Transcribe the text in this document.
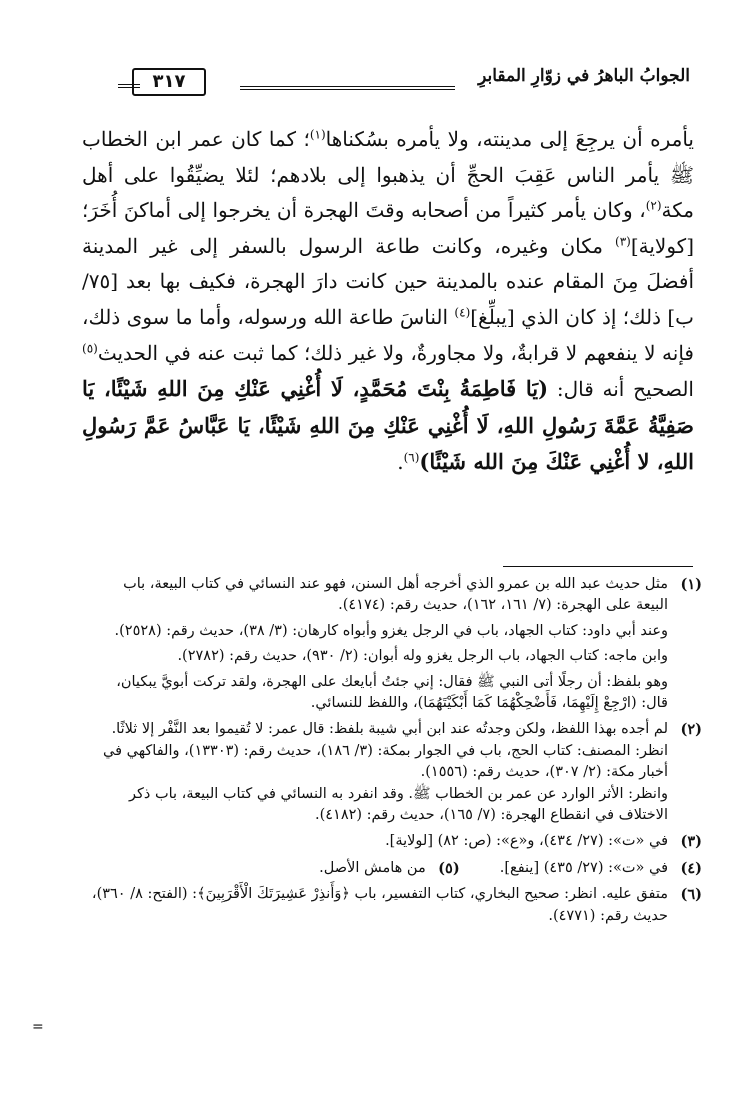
الجوابُ الباهرُ في زوّارِ المقابرِ
٣١٧

يأمره أن يرجِعَ إلى مدينته، ولا يأمره بسُكناها$^{(١)}$؛ كما كان عمر ابن الخطاب ﷺ يأمر الناس عَقِبَ الحجِّ أن يذهبوا إلى بلادهم؛ لئلا يضيِّقُوا على أهل مكة$^{(٢)}$، وكان يأمر كثيراً من أصحابه وقتَ الهجرة أن يخرجوا إلى أماكنَ أُخَرَ؛ [كولاية]$^{(٣)}$ مكان وغيره، وكانت طاعة الرسول بالسفر إلى غير المدينة أفضلَ مِنَ المقام عنده بالمدينة حين كانت دارَ الهجرة، فكيف بها بعد [٧٥/ب] ذلك؛ إذ كان الذي [يبلِّغ]$^{(٤)}$ الناسَ طاعة الله ورسوله، وأما ما سوى ذلك، فإنه لا ينفعهم لا قرابةٌ، ولا مجاورةٌ، ولا غير ذلك؛ كما ثبت عنه في الحديث$^{(٥)}$ الصحيح أنه قال: (يَا فَاطِمَةُ بِنْتَ مُحَمَّدٍ، لَا أُغْنِي عَنْكِ مِنَ اللهِ شَيْئًا، يَا صَفِيَّةُ عَمَّةَ رَسُولِ اللهِ، لَا أُغْنِي عَنْكِ مِنَ اللهِ شَيْئًا، يَا عَبَّاسُ عَمَّ رَسُولِ اللهِ، لا أُغْنِي عَنْكَ مِنَ الله شَيْئًا)$^{(٦)}$.

(١)

مثل حديث عبد الله بن عمرو الذي أخرجه أهل السنن، فهو عند النسائي في كتاب البيعة، باب البيعة على الهجرة: (٧/ ١٦١، ١٦٢)، حديث رقم: (٤١٧٤).

وعند أبي داود: كتاب الجهاد، باب في الرجل يغزو وأبواه كارهان: (٣/ ٣٨)، حديث رقم: (٢٥٢٨).

وابن ماجه: كتاب الجهاد، باب الرجل يغزو وله أبوان: (٢/ ٩٣٠)، حديث رقم: (٢٧٨٢).

وهو بلفظ: أن رجلًا أتى النبي ﷺ فقال: إني جئتُ أبايعك على الهجرة، ولقد تركت أبويَّ يبكيان، قال: (ارْجِعْ إِلَيْهِمَا، فَأَضْحِكْهُمَا كَمَا أَبْكَيْتَهُمَا)، واللفظ للنسائي.

(٢)

لم أجده بهذا اللفظ، ولكن وجدتُه عند ابن أبي شيبة بلفظ: قال عمر: لا تُقيموا بعد النَّفْر إلا ثلاثًا. انظر: المصنف: كتاب الحج، باب في الجوار بمكة: (٣/ ١٨٦)، حديث رقم: (١٣٣٠٣)، والفاكهي في أخبار مكة: (٢/ ٣٠٧)، حديث رقم: (١٥٥٦).

وانظر: الأثر الوارد عن عمر بن الخطاب ﷺ. وقد انفرد به النسائي في كتاب البيعة، باب ذكر الاختلاف في انقطاع الهجرة: (٧/ ١٦٥)، حديث رقم: (٤١٨٢).

(٣)

في «ت»: (٢٧/ ٤٣٤)، و«ع»: (ص: ٨٢) [لولاية].

(٤)
في «ت»: (٢٧/ ٤٣٥) [ينفع].
(٥)
من هامش الأصل.
(٦)

متفق عليه. انظر: صحيح البخاري، كتاب التفسير، باب ﴿وَأَنذِرْ عَشِيرَتَكَ الْأَقْرَبِينَ﴾: (الفتح: ٨/ ٣٦٠)، حديث رقم: (٤٧٧١).

=
